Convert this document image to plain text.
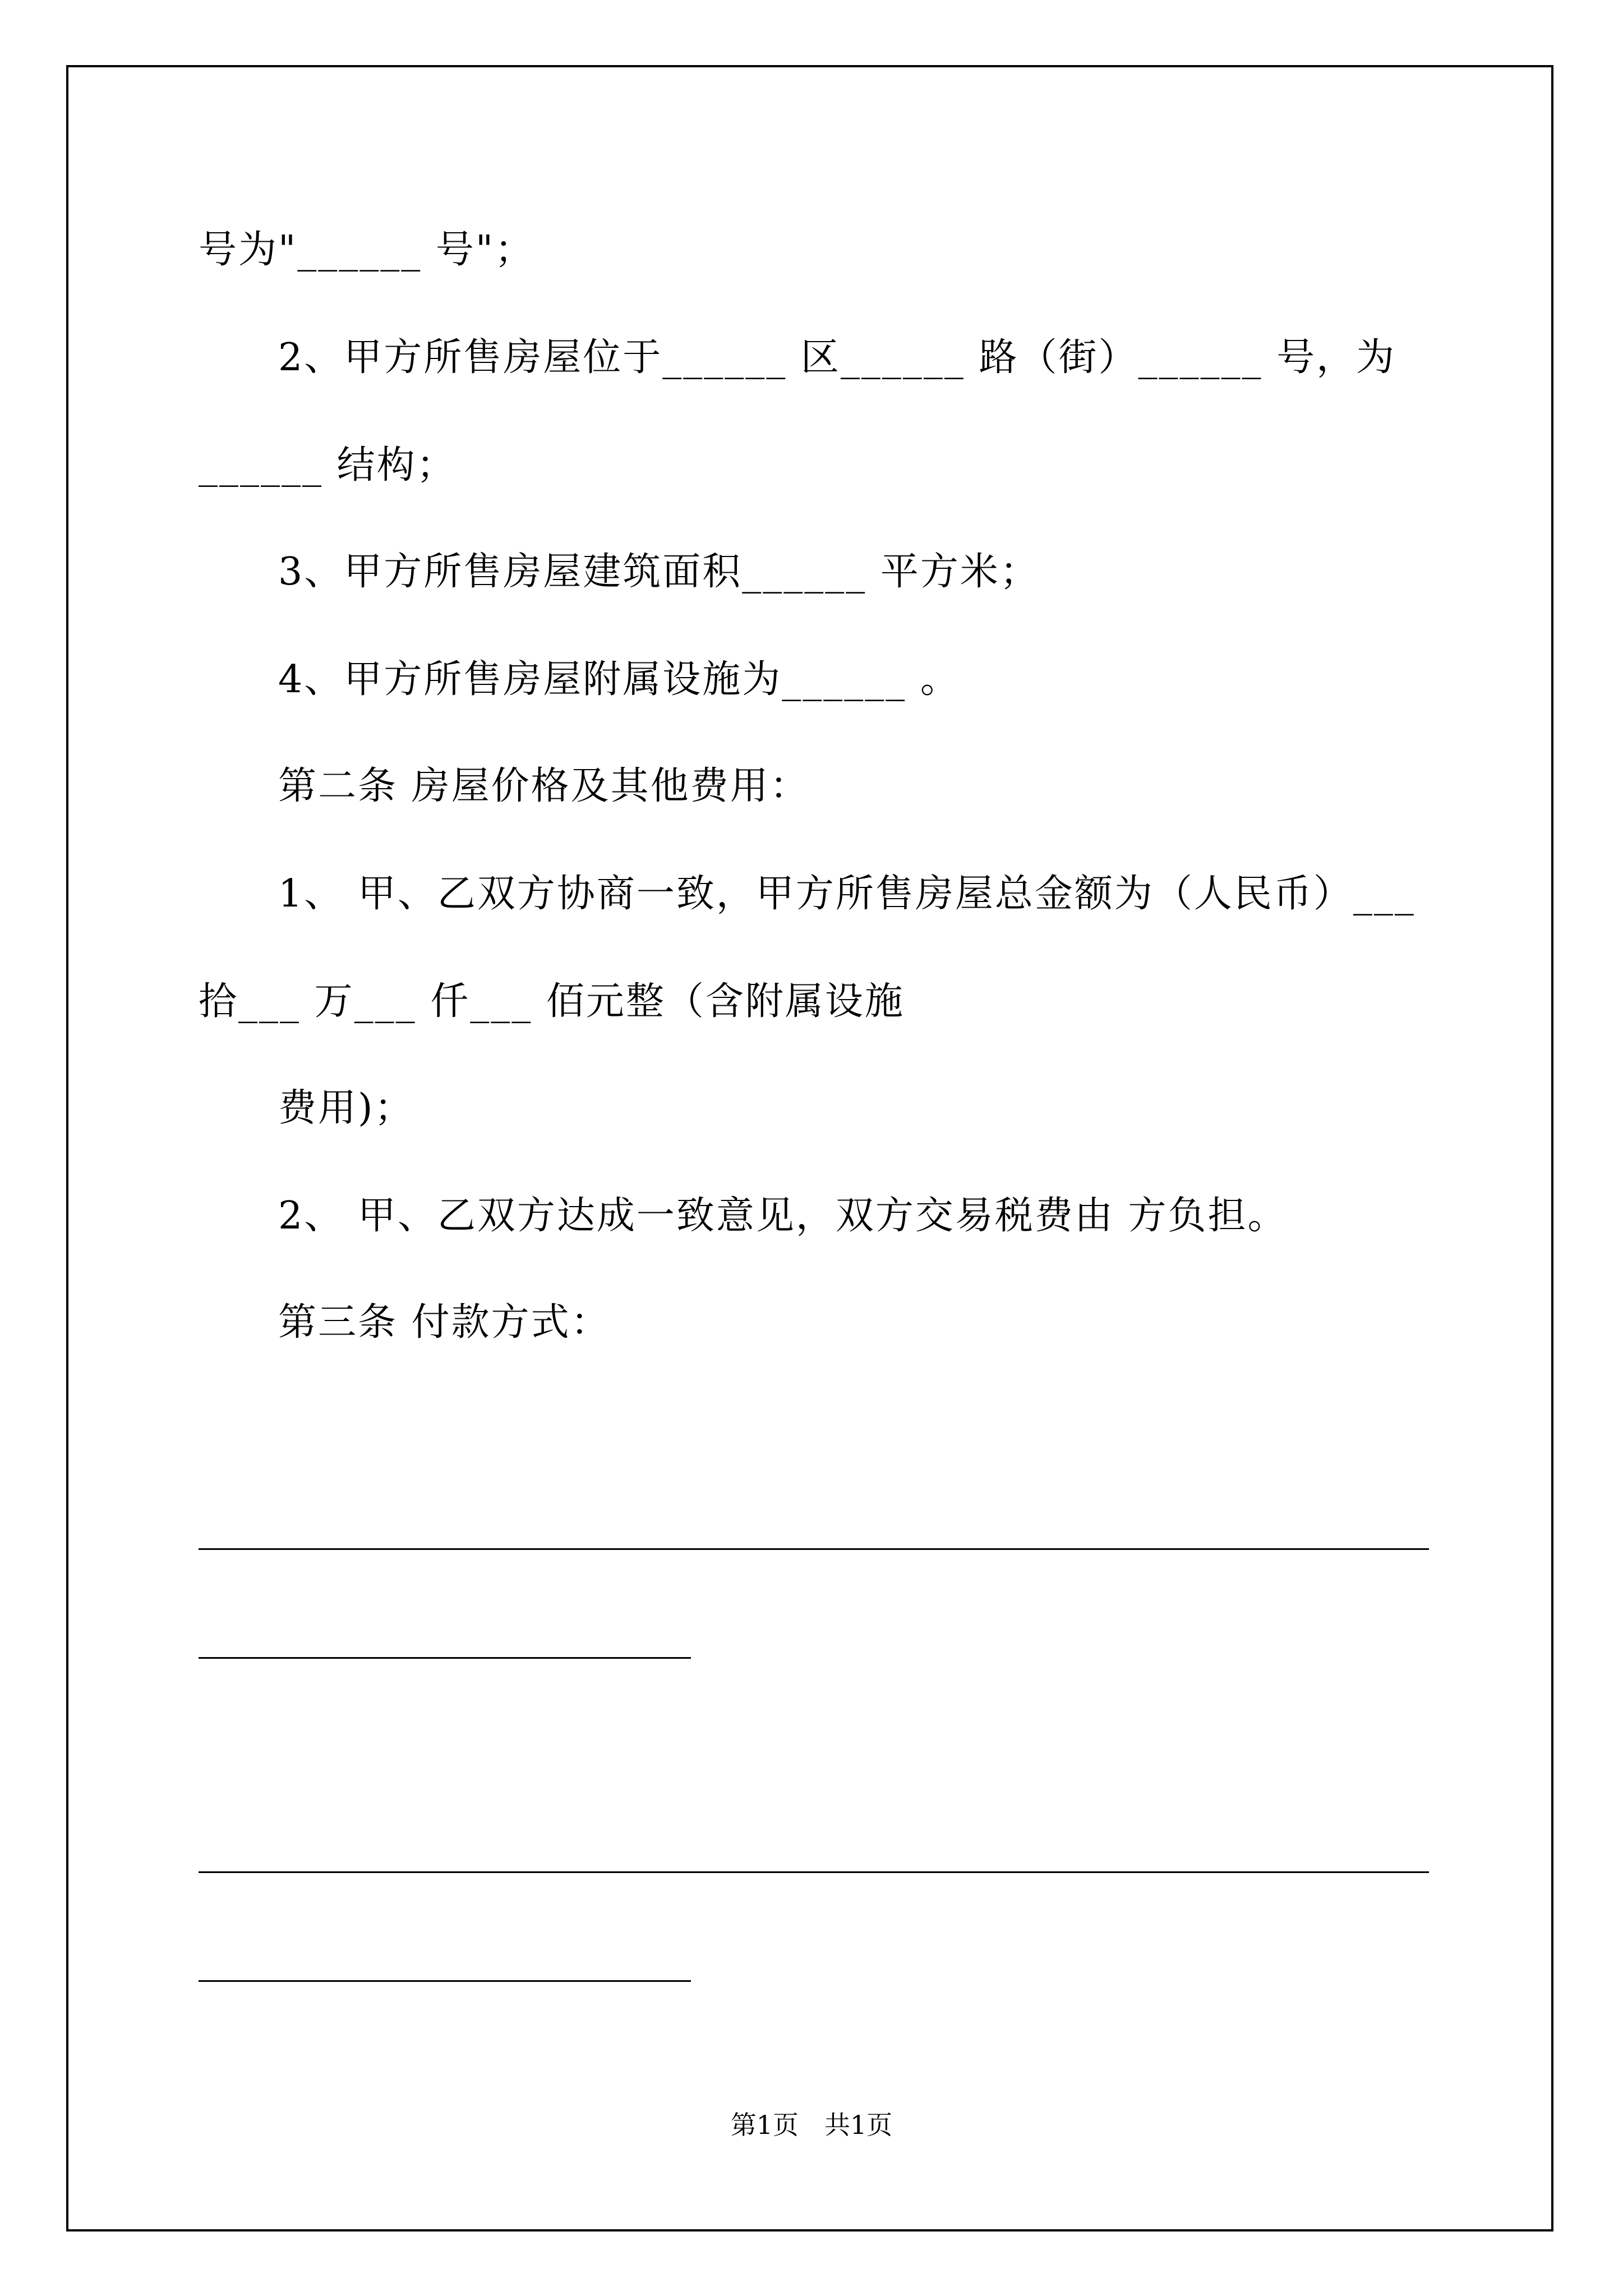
号为"______ 号"；
2、甲方所售房屋位于______ 区______ 路（街）______ 号，为
______ 结构；
3、甲方所售房屋建筑面积______ 平方米；
4、甲方所售房屋附属设施为______ 。
第二条 房屋价格及其他费用：
1、 甲、乙双方协商一致，甲方所售房屋总金额为（人民币）___
拾___ 万___ 仟___ 佰元整（含附属设施
费用)；
2、 甲、乙双方达成一致意见，双方交易税费由 方负担。
第三条 付款方式：
第1页　共1页
